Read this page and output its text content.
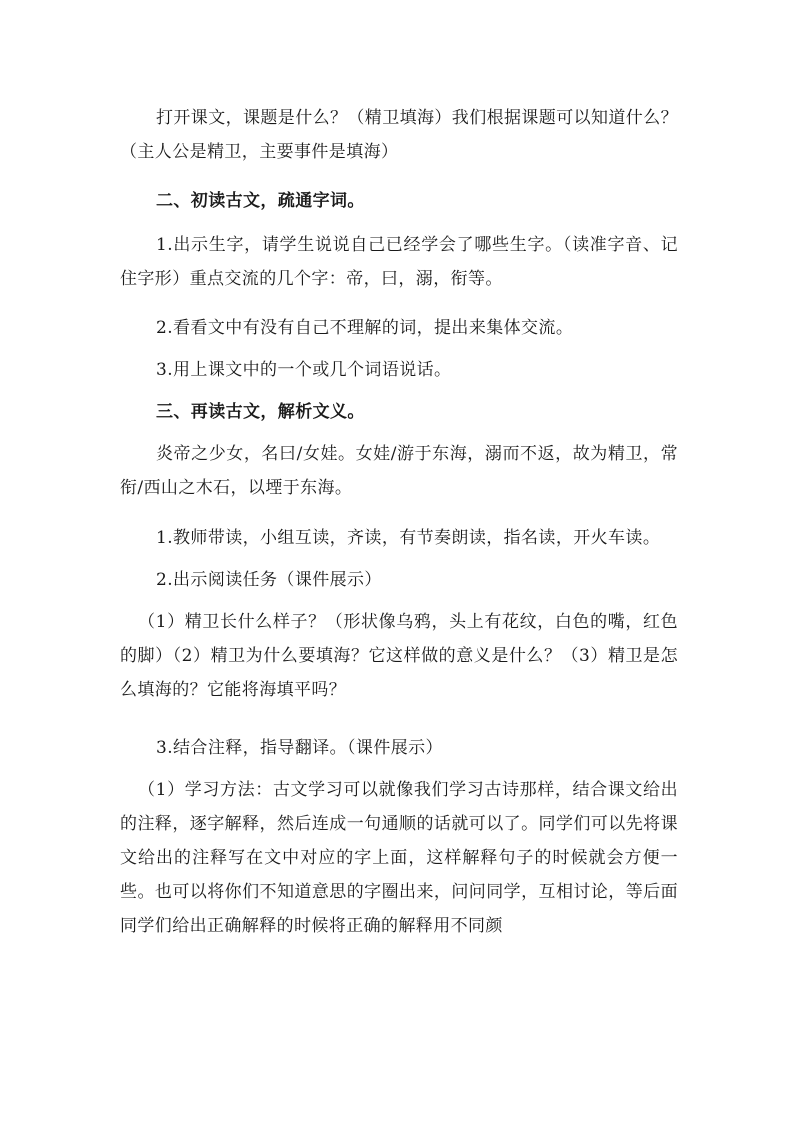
打开课文，课题是什么？（精卫填海）我们根据课题可以知道什么？（主人公是精卫，主要事件是填海）
二、初读古文，疏通字词。
1.出示生字，请学生说说自己已经学会了哪些生字。（读准字音、记住字形）重点交流的几个字：帝，曰，溺，衔等。
2.看看文中有没有自己不理解的词，提出来集体交流。
3.用上课文中的一个或几个词语说话。
三、再读古文，解析文义。
炎帝之少女，名曰/女娃。女娃/游于东海，溺而不返，故为精卫，常衔/西山之木石，以堙于东海。
1.教师带读，小组互读，齐读，有节奏朗读，指名读，开火车读。
2.出示阅读任务（课件展示）
（1）精卫长什么样子？（形状像乌鸦，头上有花纹，白色的嘴，红色的脚）（2）精卫为什么要填海？它这样做的意义是什么？（3）精卫是怎么填海的？它能将海填平吗？
3.结合注释，指导翻译。（课件展示）
（1）学习方法：古文学习可以就像我们学习古诗那样，结合课文给出的注释，逐字解释，然后连成一句通顺的话就可以了。同学们可以先将课文给出的注释写在文中对应的字上面，这样解释句子的时候就会方便一些。也可以将你们不知道意思的字圈出来，问问同学，互相讨论，等后面同学们给出正确解释的时候将正确的解释用不同颜
